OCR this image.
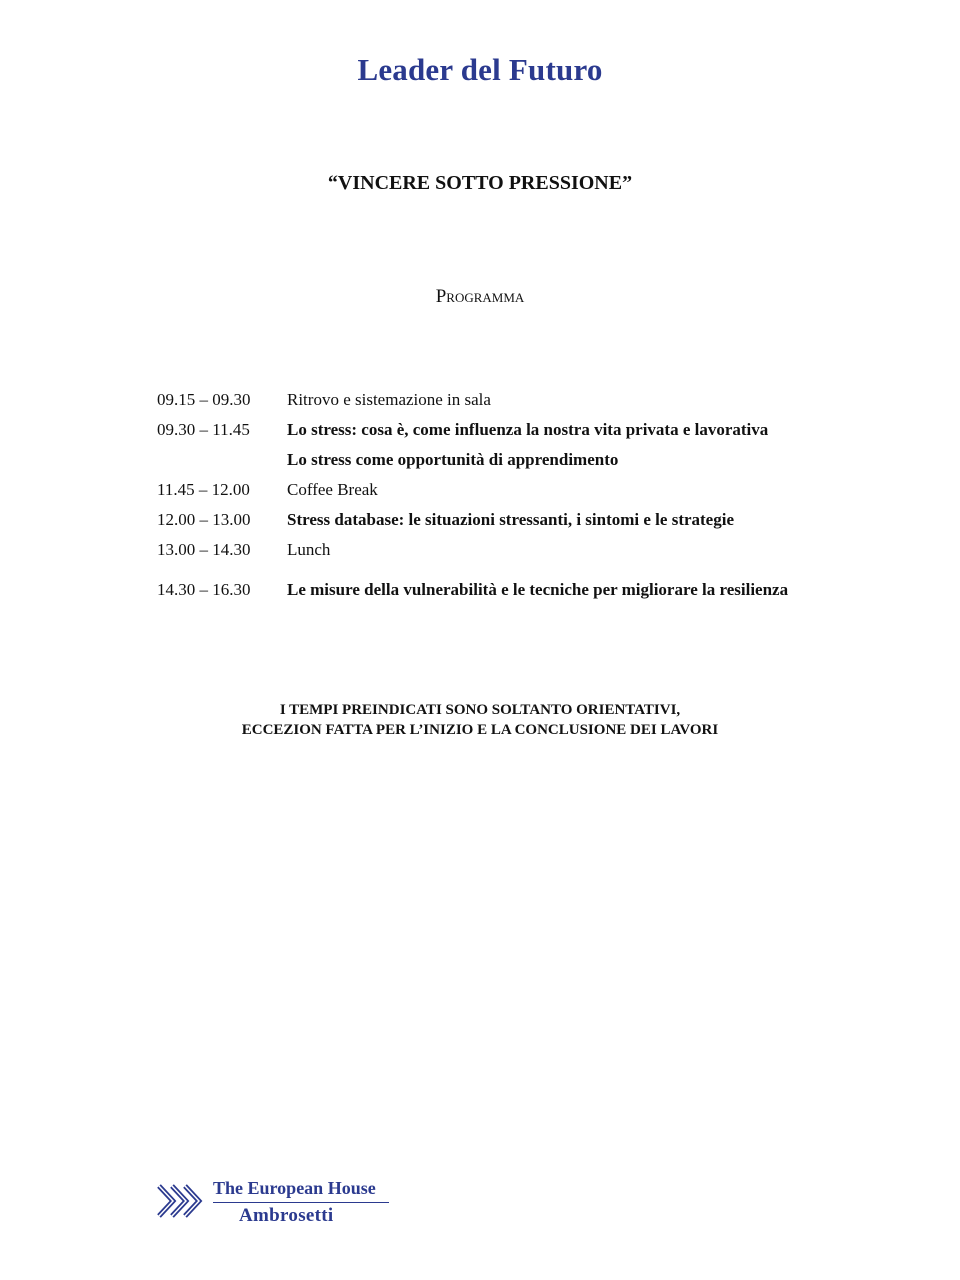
Leader del Futuro
“VINCERE SOTTO PRESSIONE”
Programma
09.15 – 09.30	Ritrovo e sistemazione in sala
09.30 – 11.45	Lo stress: cosa è, come influenza la nostra vita privata e lavorativa
Lo stress come opportunità di apprendimento
11.45 – 12.00	Coffee Break
12.00 – 13.00	Stress database: le situazioni stressanti, i sintomi e le strategie
13.00 – 14.30	Lunch
14.30 – 16.30	Le misure della vulnerabilità e le tecniche per migliorare la resilienza
I TEMPI PREINDICATI SONO SOLTANTO ORIENTATIVI,
ECCEZION FATTA PER L’INIZIO E LA CONCLUSIONE DEI LAVORI
The European House
Ambrosetti
